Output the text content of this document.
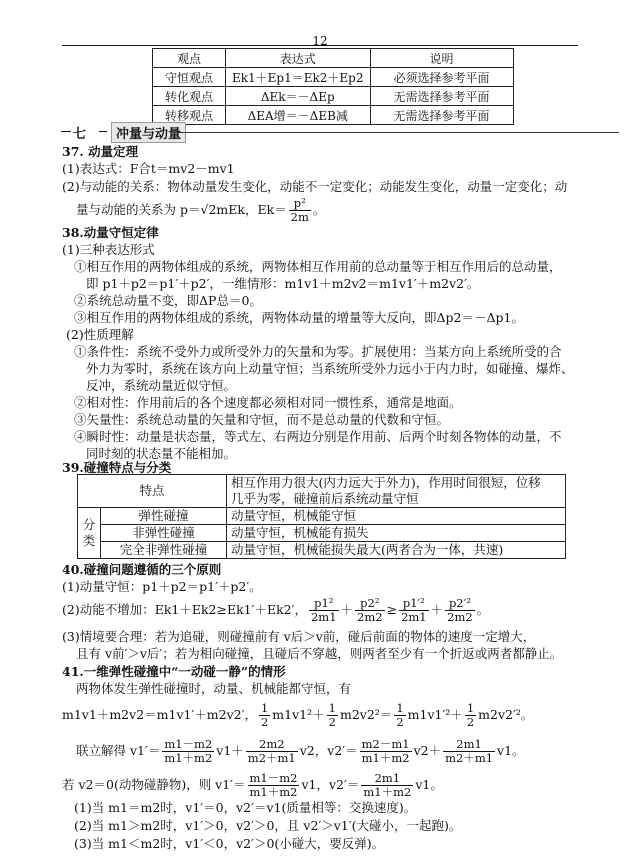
12
观点	表达式	说明
守恒观点	Ek1＋Ep1＝Ek2＋Ep2	必须选择参考平面
转化观点	ΔEk＝－ΔEp	无需选择参考平面
转移观点	ΔEA增＝－ΔEB减	无需选择参考平面
七	冲量与动量
37. 动量定理
(1)表达式：F合t＝mv2－mv1
(2)与动能的关系：物体动量发生变化，动能不一定变化；动能发生变化，动量一定变化；动
量与动能的关系为 p＝√2mEk，$Ek= \frac{\text{p²}}{2m}$ 。
38.动量守恒定律
(1)三种表达形式
①相互作用的两物体组成的系统，两物体相互作用前的总动量等于相互作用后的总动量，
即 p1＋p2＝p1′＋p2′，一维情形：m1v1＋m2v2＝m1v1′＋m2v2′。
②系统总动量不变，即ΔP总＝0。
③相互作用的两物体组成的系统，两物体动量的增量等大反向，即Δp2＝－Δp1。
(2)性质理解
①条件性：系统不受外力或所受外力的矢量和为零。扩展使用：当某方向上系统所受的合
外力为零时，系统在该方向上动量守恒；当系统所受外力远小于内力时，如碰撞、爆炸、
反冲，系统动量近似守恒。
②相对性：作用前后的各个速度都必须相对同一惯性系，通常是地面。
③矢量性：系统总动量的矢量和守恒，而不是总动量的代数和守恒。
④瞬时性：动量是状态量，等式左、右两边分别是作用前、后两个时刻各物体的动量，不
同时刻的状态量不能相加。
39.碰撞特点与分类
特点		相互作用力很大(内力远大于外力)，作用时间很短，位移
几乎为零，碰撞前后系统动量守恒

分
类	弹性碰撞	动量守恒，机械能守恒
	非弹性碰撞	动量守恒，机械能有损失
	完全非弹性碰撞	动量守恒，机械能损失最大(两者合为一体，共速)
40.碰撞问题遵循的三个原则
(1)动量守恒：p1＋p2＝p1′＋p2′。
(2)动能不增加：Ek1＋Ek2≥Ek1′＋Ek2′， $\frac{\text{p1²}}{2m1} + \frac{\text{p2²}}{2m2} \ge \frac{\text{p1′²}}{2m1} + \frac{\text{p2′²}}{2m2}$ 。
(3)情境要合理：若为追碰，则碰撞前有 v后＞v前，碰后前面的物体的速度一定增大，
且有 v前′＞v后′；若为相向碰撞，且碰后不穿越，则两者至少有一个折返或两者都静止。
41.一维弹性碰撞中“一动碰一静”的情形
两物体发生弹性碰撞时，动量、机械能都守恒，有
m1v1＋m2v2＝m1v1′＋m2v2′， $\frac{1}{2} m1v1^2+ \frac{1}{2} m2v2^2= \frac{1}{2} m1v1'^2+ \frac{1}{2} m2v2'^2$。
联立解得 $v1'= \frac{m1-m2}{m1+m2} v1+ \frac{2m2}{m2+m1} v2$，$v2'= \frac{m2-m1}{m1+m2} v2+ \frac{2m1}{m2+m1} v1$。
若 v2＝0(动物碰静物)，则 $v1'= \frac{m1-m2}{m1+m2} v1$，$v2'= \frac{2m1}{m1+m2} v1$。
(1)当 m1＝m2时，v1′＝0，v2′＝v1(质量相等：交换速度)。
(2)当 m1＞m2时，v1′＞0，v2′＞0，且 v2′＞v1′(大碰小，一起跑)。
(3)当 m1＜m2时，v1′＜0，v2′＞0(小碰大，要反弹)。
